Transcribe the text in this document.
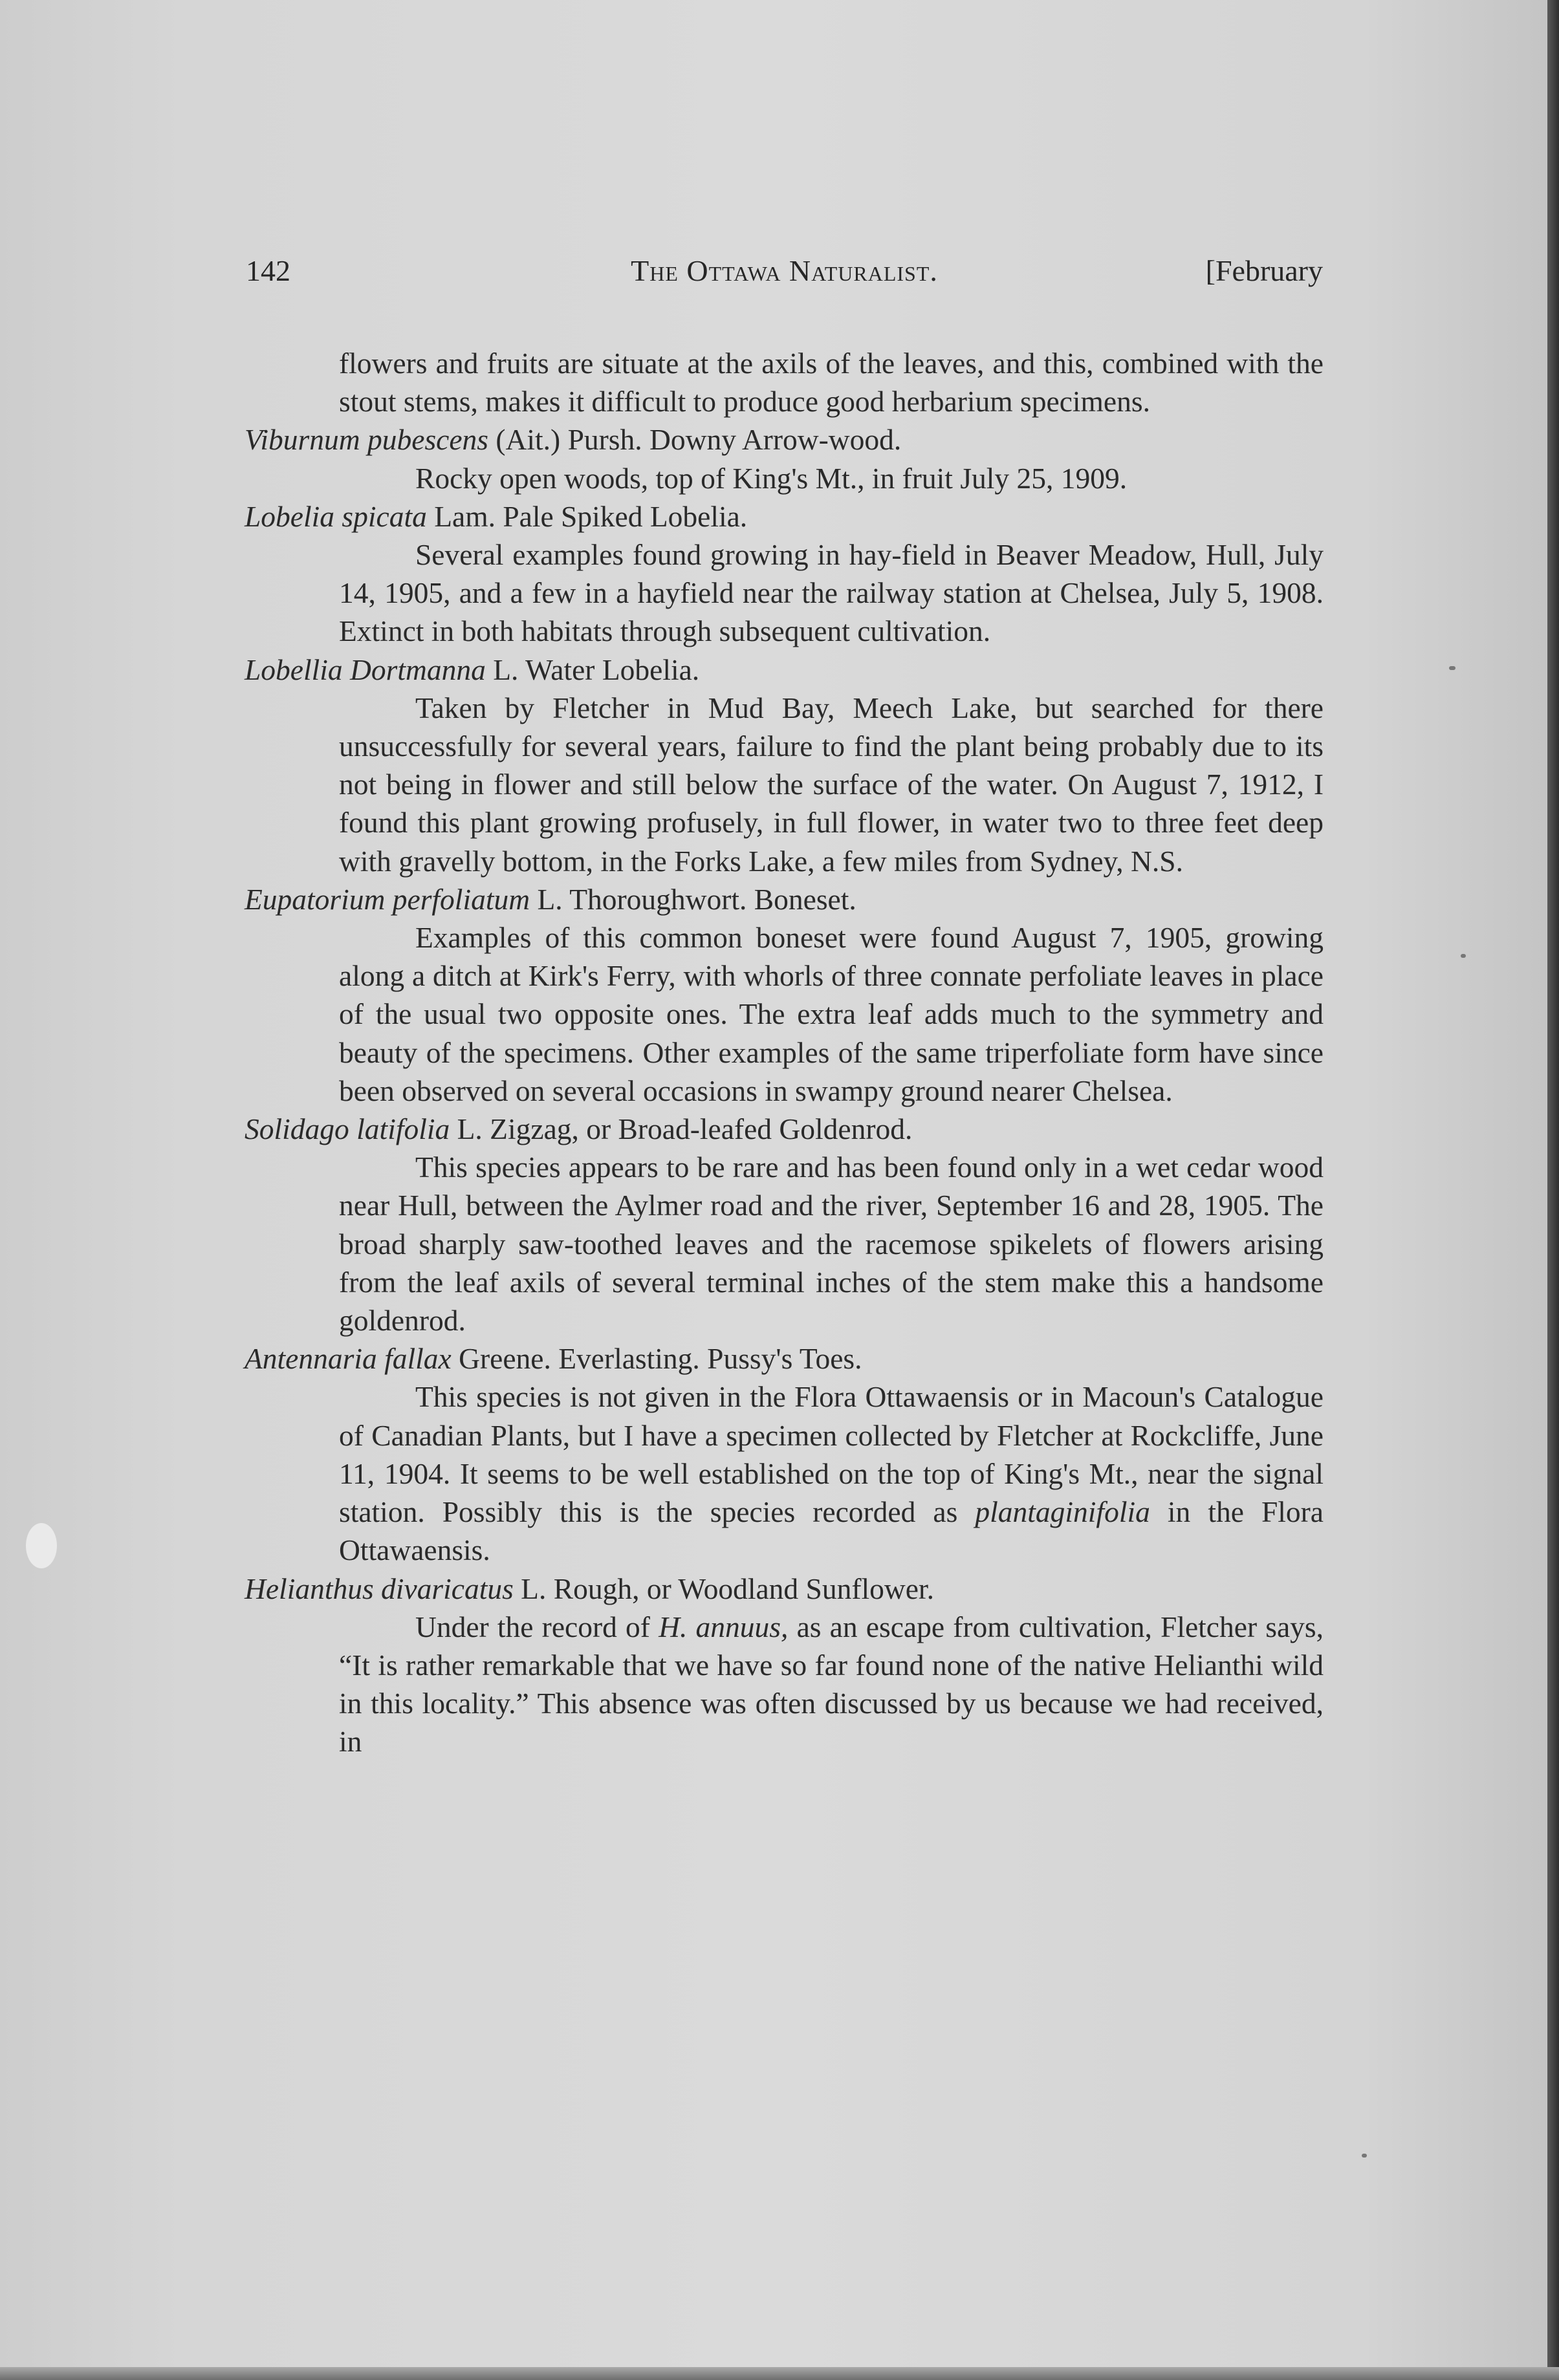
142	The Ottawa Naturalist.	[February

flowers and fruits are situate at the axils of the leaves, and this, combined with the stout stems, makes it difficult to produce good herbarium specimens.

Viburnum pubescens (Ait.) Pursh. Downy Arrow-wood.

Rocky open woods, top of King's Mt., in fruit July 25, 1909.

Lobelia spicata Lam. Pale Spiked Lobelia.

Several examples found growing in hay-field in Beaver Meadow, Hull, July 14, 1905, and a few in a hayfield near the railway station at Chelsea, July 5, 1908. Extinct in both habitats through subsequent cultivation.

Lobellia Dortmanna L. Water Lobelia.

Taken by Fletcher in Mud Bay, Meech Lake, but searched for there unsuccessfully for several years, failure to find the plant being probably due to its not being in flower and still below the surface of the water. On August 7, 1912, I found this plant growing profusely, in full flower, in water two to three feet deep with gravelly bottom, in the Forks Lake, a few miles from Sydney, N.S.

Eupatorium perfoliatum L. Thoroughwort. Boneset.

Examples of this common boneset were found August 7, 1905, growing along a ditch at Kirk's Ferry, with whorls of three connate perfoliate leaves in place of the usual two opposite ones. The extra leaf adds much to the symmetry and beauty of the specimens. Other examples of the same triperfoliate form have since been observed on several occasions in swampy ground nearer Chelsea.

Solidago latifolia L. Zigzag, or Broad-leafed Goldenrod.

This species appears to be rare and has been found only in a wet cedar wood near Hull, between the Aylmer road and the river, September 16 and 28, 1905. The broad sharply saw-toothed leaves and the racemose spikelets of flowers arising from the leaf axils of several terminal inches of the stem make this a handsome goldenrod.

Antennaria fallax Greene. Everlasting. Pussy's Toes.

This species is not given in the Flora Ottawaensis or in Macoun's Catalogue of Canadian Plants, but I have a specimen collected by Fletcher at Rockcliffe, June 11, 1904. It seems to be well established on the top of King's Mt., near the signal station. Possibly this is the species recorded as plantaginifolia in the Flora Ottawaensis.

Helianthus divaricatus L. Rough, or Woodland Sunflower.

Under the record of H. annuus, as an escape from cultivation, Fletcher says, “It is rather remarkable that we have so far found none of the native Helianthi wild in this locality.” This absence was often discussed by us because we had received, in
